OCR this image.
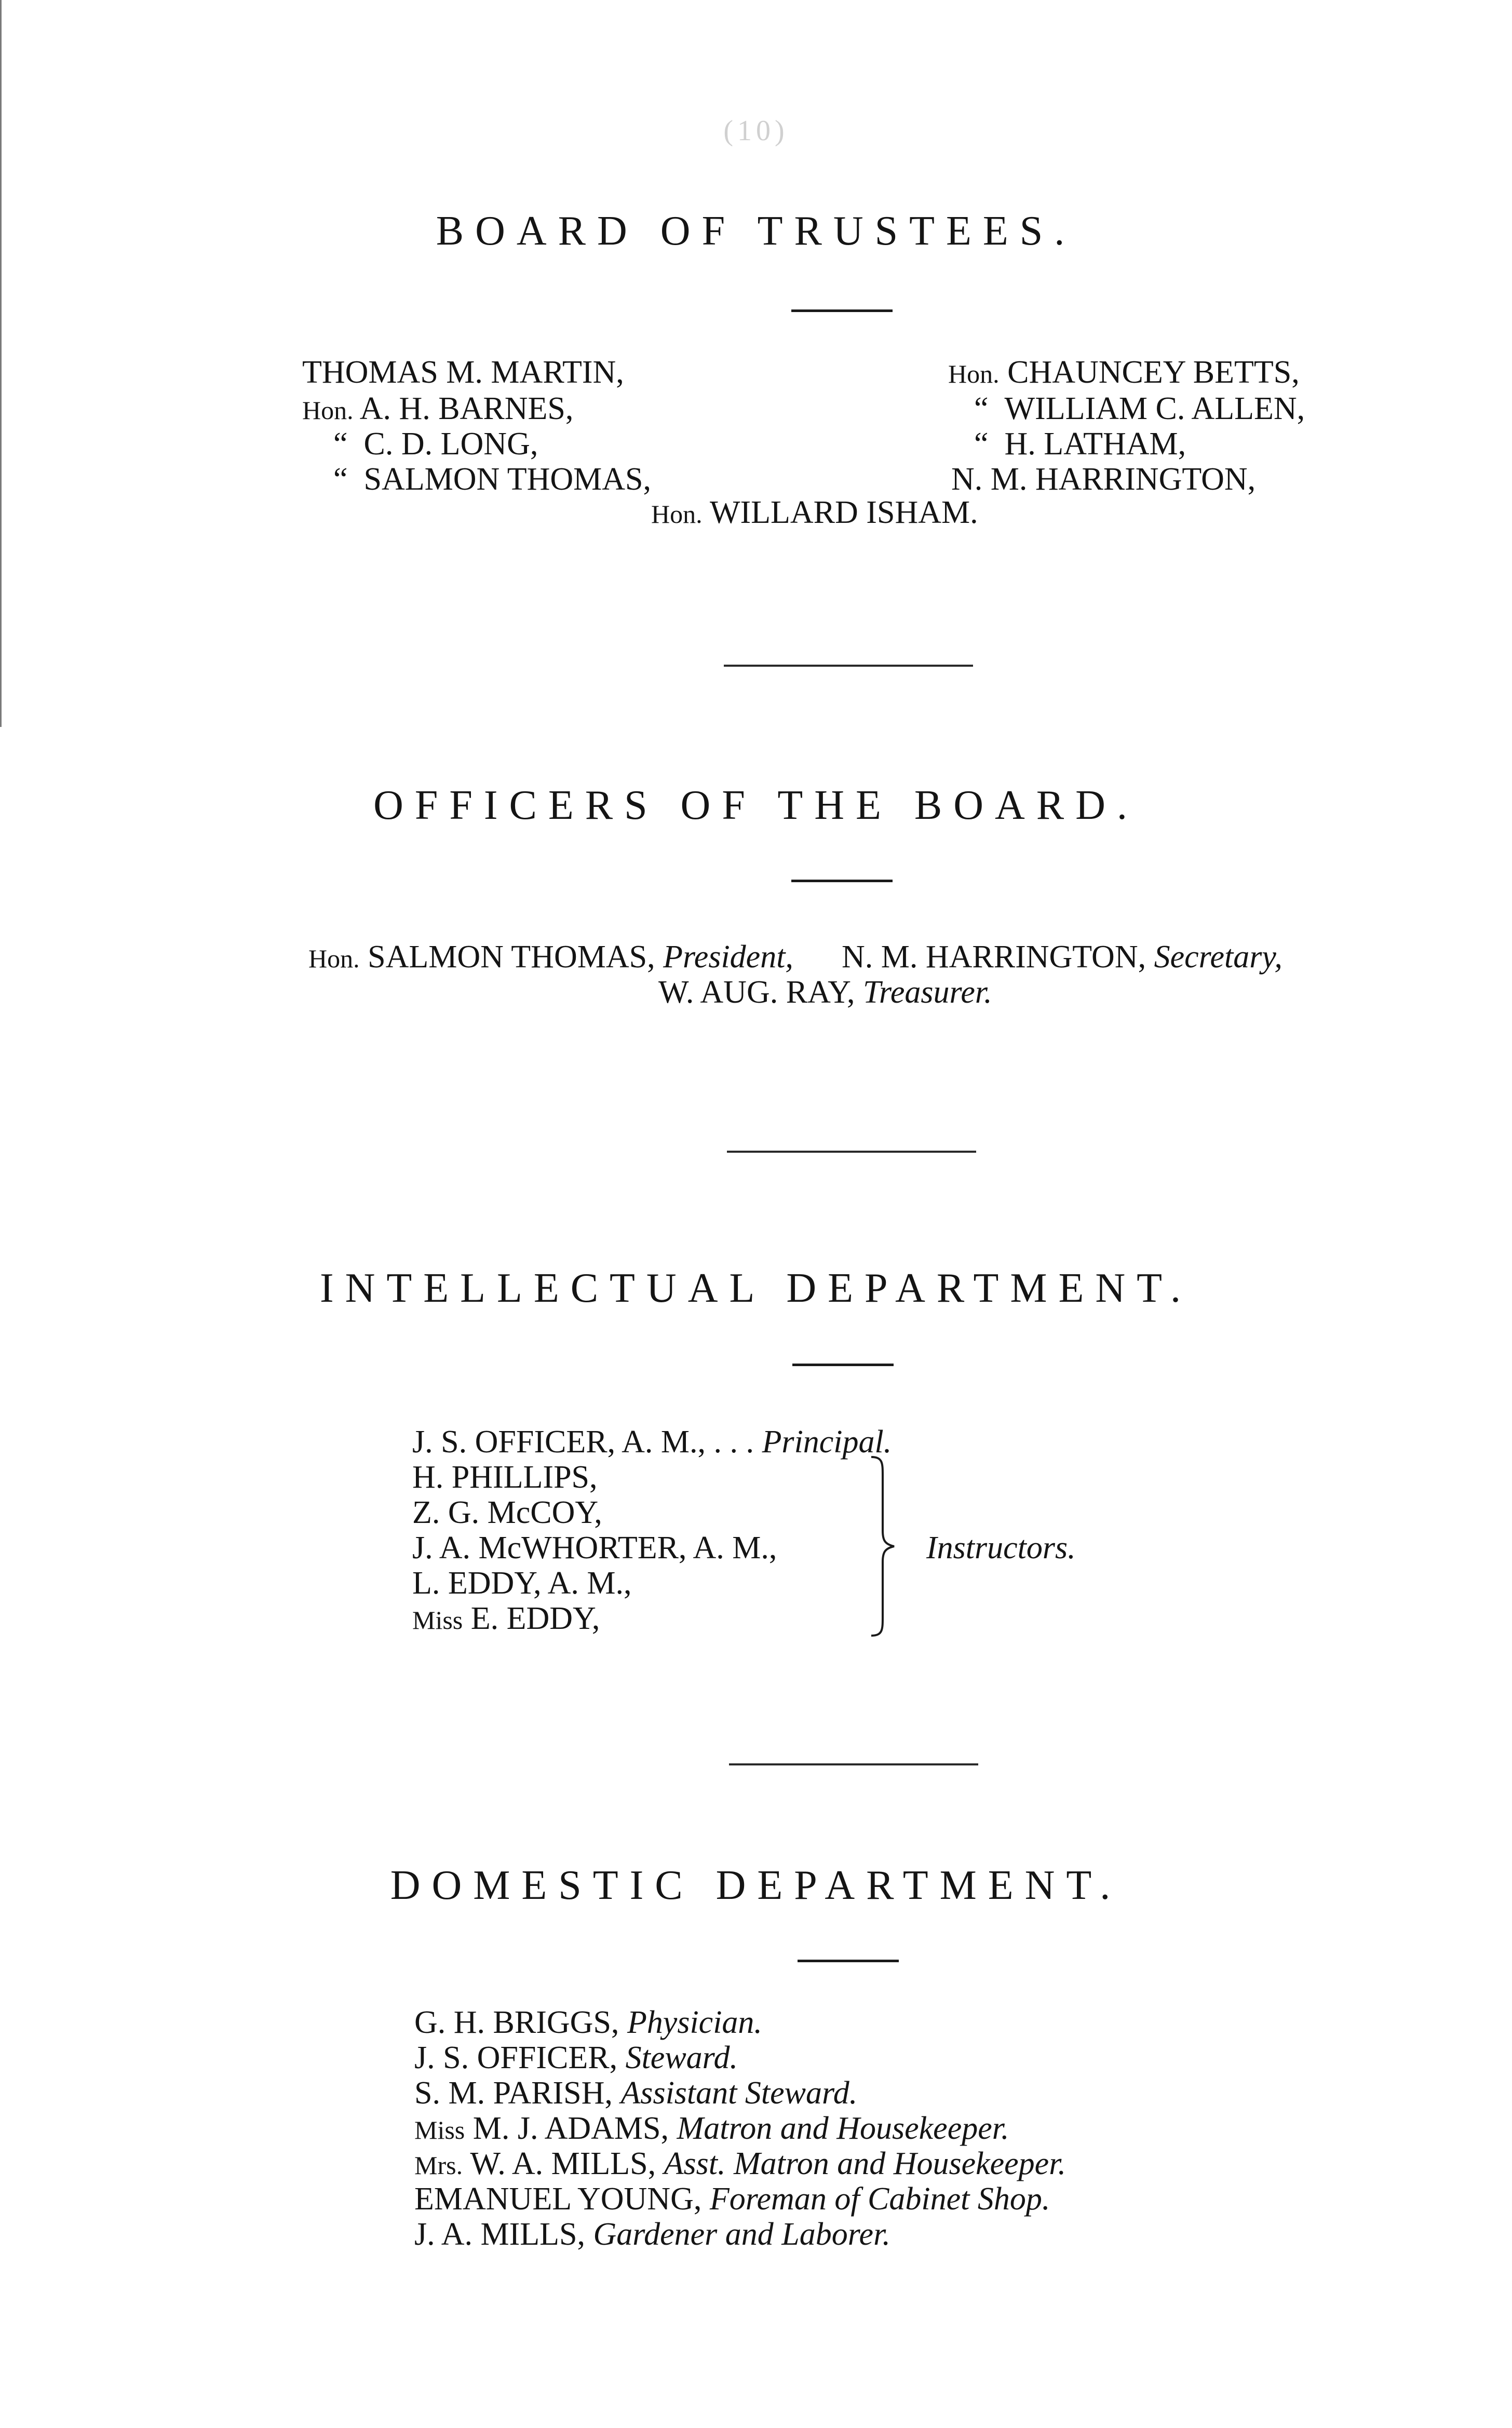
(10)
BOARD OF TRUSTEES.
THOMAS M. MARTIN,
Hon. A. H. BARNES,
“ C. D. LONG,
“ SALMON THOMAS,
Hon. CHAUNCEY BETTS,
“ WILLIAM C. ALLEN,
“ H. LATHAM,
N. M. HARRINGTON,
Hon. WILLARD ISHAM.
OFFICERS OF THE BOARD.
Hon. SALMON THOMAS, President, N. M. HARRINGTON, Secretary,
W. AUG. RAY, Treasurer.
INTELLECTUAL DEPARTMENT.
J. S. OFFICER, A. M., . . . Principal.
H. PHILLIPS,
Z. G. McCOY,
J. A. McWHORTER, A. M.,
L. EDDY, A. M.,
Miss E. EDDY,
Instructors.
DOMESTIC DEPARTMENT.
G. H. BRIGGS, Physician.
J. S. OFFICER, Steward.
S. M. PARISH, Assistant Steward.
Miss M. J. ADAMS, Matron and Housekeeper.
Mrs. W. A. MILLS, Asst. Matron and Housekeeper.
EMANUEL YOUNG, Foreman of Cabinet Shop.
J. A. MILLS, Gardener and Laborer.
